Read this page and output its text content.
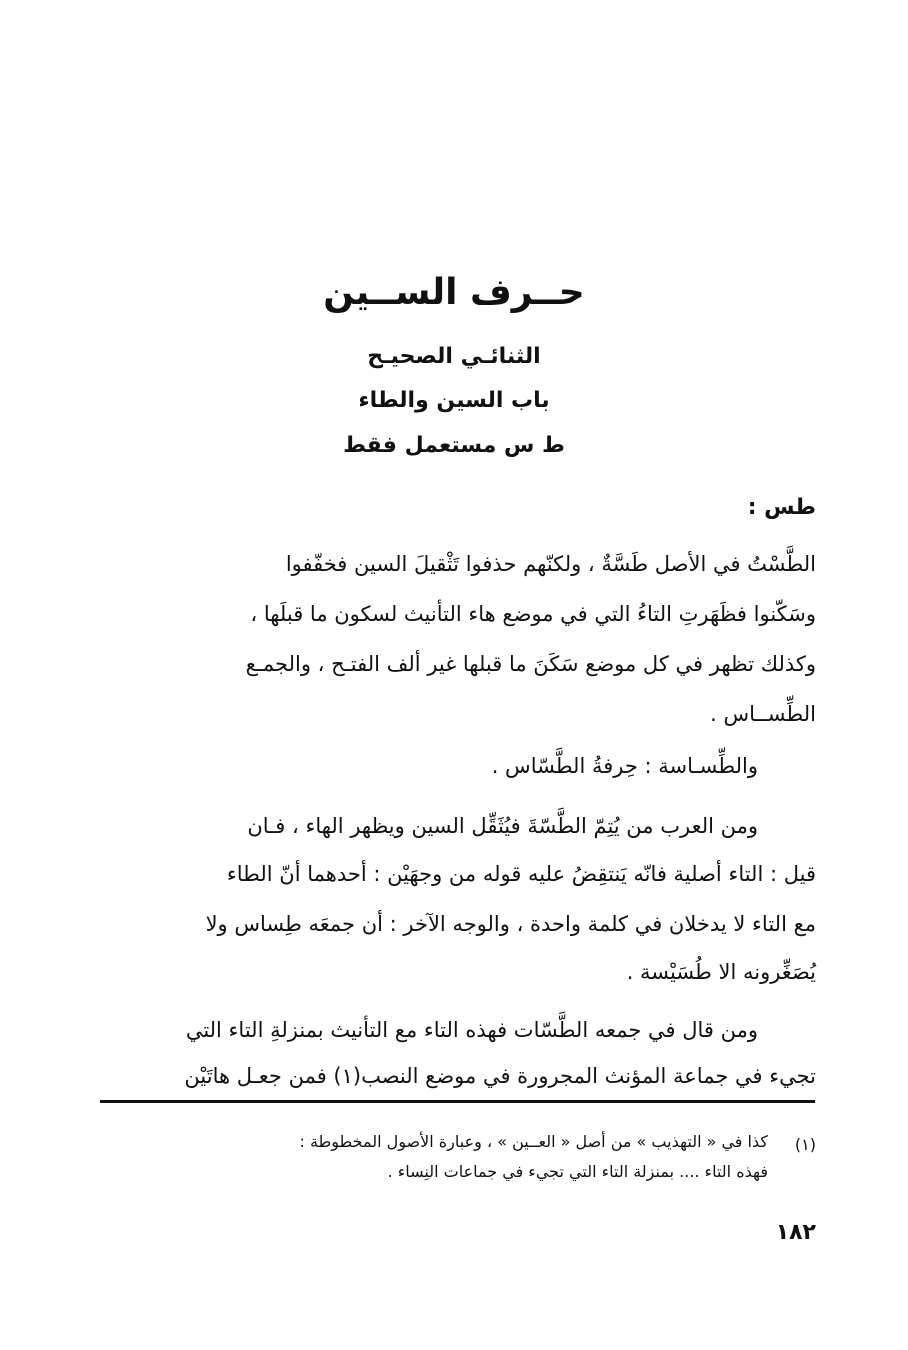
حــرف الســين
الثنائـي الصحيـح
باب السين والطاء
ط س مستعمل فقط
طس :
الطَّسْتُ في الأصل طَسَّةٌ ، ولكنّهم حذفوا تَثْقيلَ السين فخفّفوا
وسَكّنوا فظَهَرتِ التاءُ التي في موضع هاء التأنيث لسكون ما قبلَها ،
وكذلك تظهر في كل موضع سَكَنَ ما قبلها غير ألف الفتـح ، والجمـع
الطِّســاس .
والطِّسـاسة : حِرفةُ الطَّسّاس .
ومن العرب من يُتِمّ الطَّسّةَ فيُثَقِّل السين ويظهر الهاء ، فـان
قيل : التاء أصلية فانّه يَنتقِضُ عليه قوله من وجهَيْن : أحدهما أنّ الطاء
مع التاء لا يدخلان في كلمة واحدة ، والوجه الآخر : أن جمعَه طِساس ولا
يُصَغِّرونه الا طُسَيْسة .
ومن قال في جمعه الطَّسّات فهذه التاء مع التأنيث بمنزلةِ التاء التي
تجيء في جماعة المؤنث المجرورة في موضع النصب(١) فمن جعـل هاتَيْن
(١)
كذا في « التهذيب » من أصل « العــين » ، وعبارة الأصول المخطوطة :
فهذه التاء .... بمنزلة التاء التي تجيء في جماعات النِساء .
١٨٢
